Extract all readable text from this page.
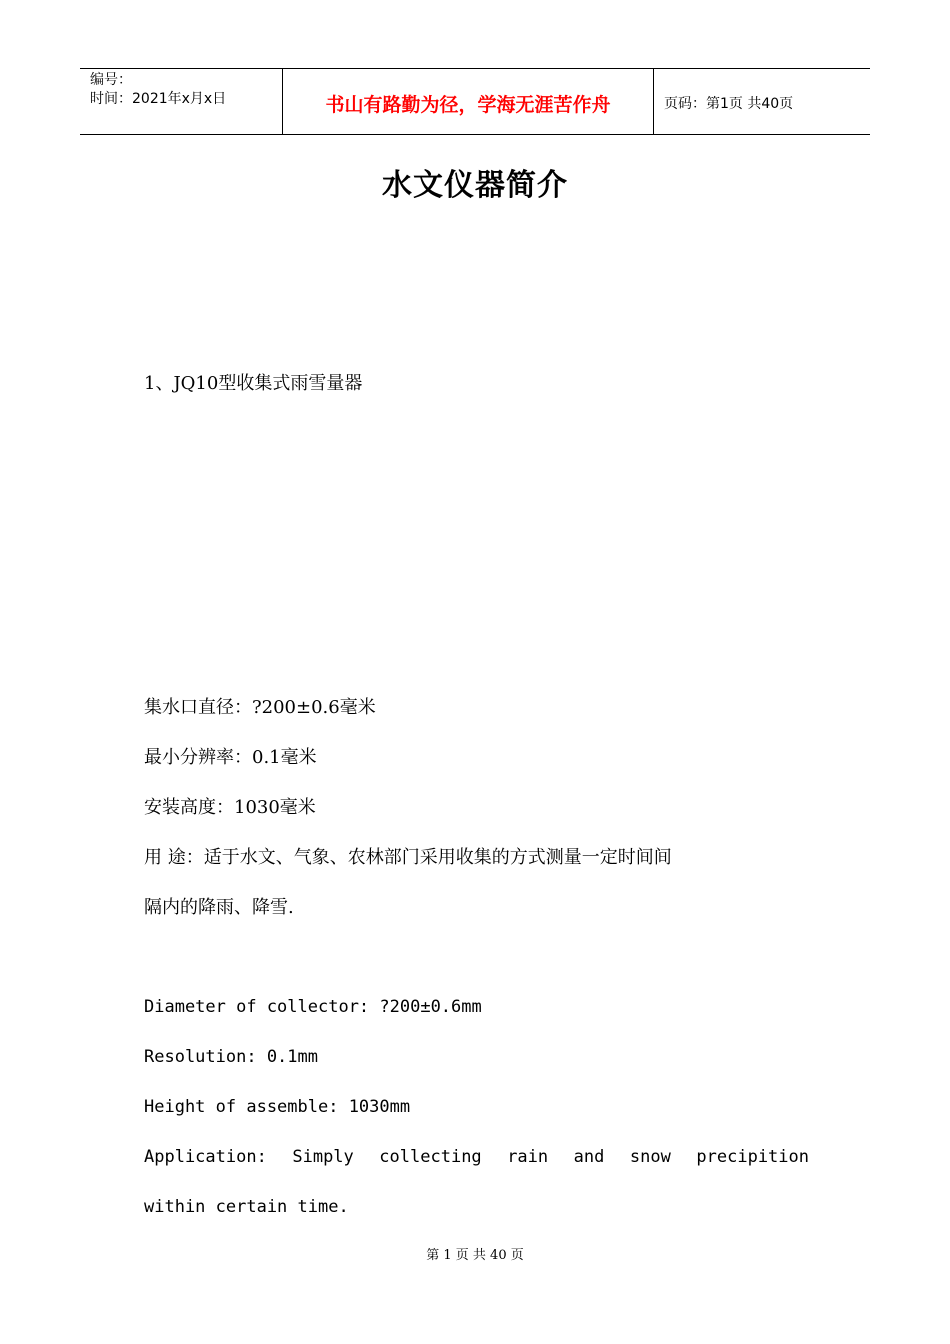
编号：
时间：2021年x月x日	书山有路勤为径，学海无涯苦作舟	页码：第1页 共40页
水文仪器简介
1、JQ10型收集式雨雪量器
集水口直径：?200±0.6毫米
最小分辨率：0.1毫米
安装高度：1030毫米
用 途：适于水文、气象、农林部门采用收集的方式测量一定时间间
隔内的降雨、降雪.
Diameter of collector: ?200±0.6mm
Resolution: 0.1mm
Height of assemble: 1030mm
Application: Simply collecting rain and snow precipition
within certain time.
第 1 页 共 40 页
